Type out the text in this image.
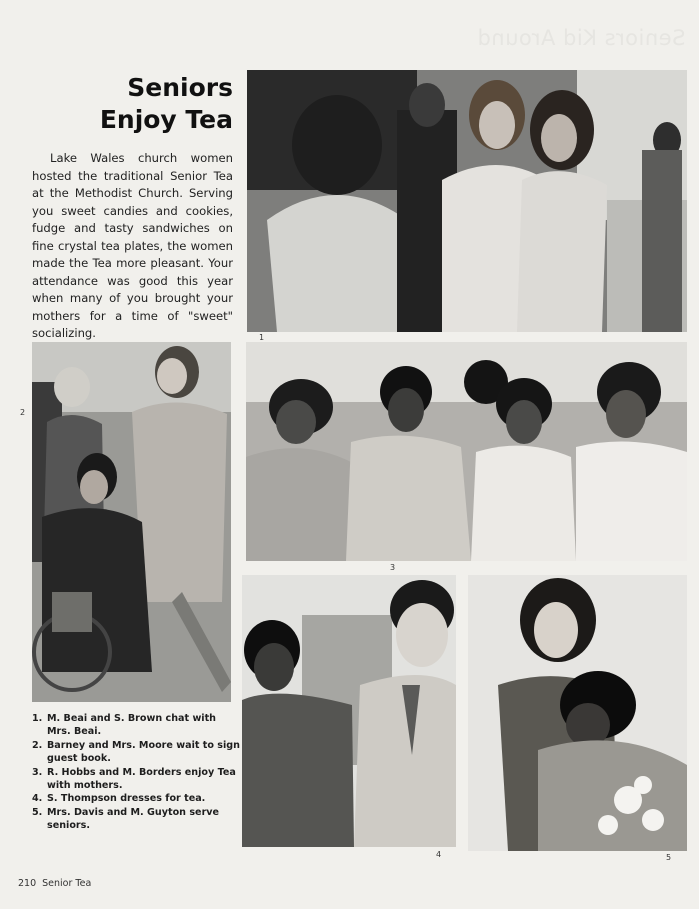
Seniors Kid Around
Seniors
Enjoy Tea

Lake Wales church women hosted the traditional Senior Tea at the Methodist Church. Serving you sweet candies and cookies, fudge and tasty sandwiches on fine crystal tea plates, the women made the Tea more pleasant. Your attendance was good this year when many of you brought your mothers for a time of "sweet" socializing.	1
2
3
4	5
1. M. Beai and S. Brown chat with Mrs. Beai.
2. Barney and Mrs. Moore wait to sign guest book.
3. R. Hobbs and M. Borders enjoy Tea with mothers.
4. S. Thompson dresses for tea.
5. Mrs. Davis and M. Guyton serve seniors.
210 Senior Tea
